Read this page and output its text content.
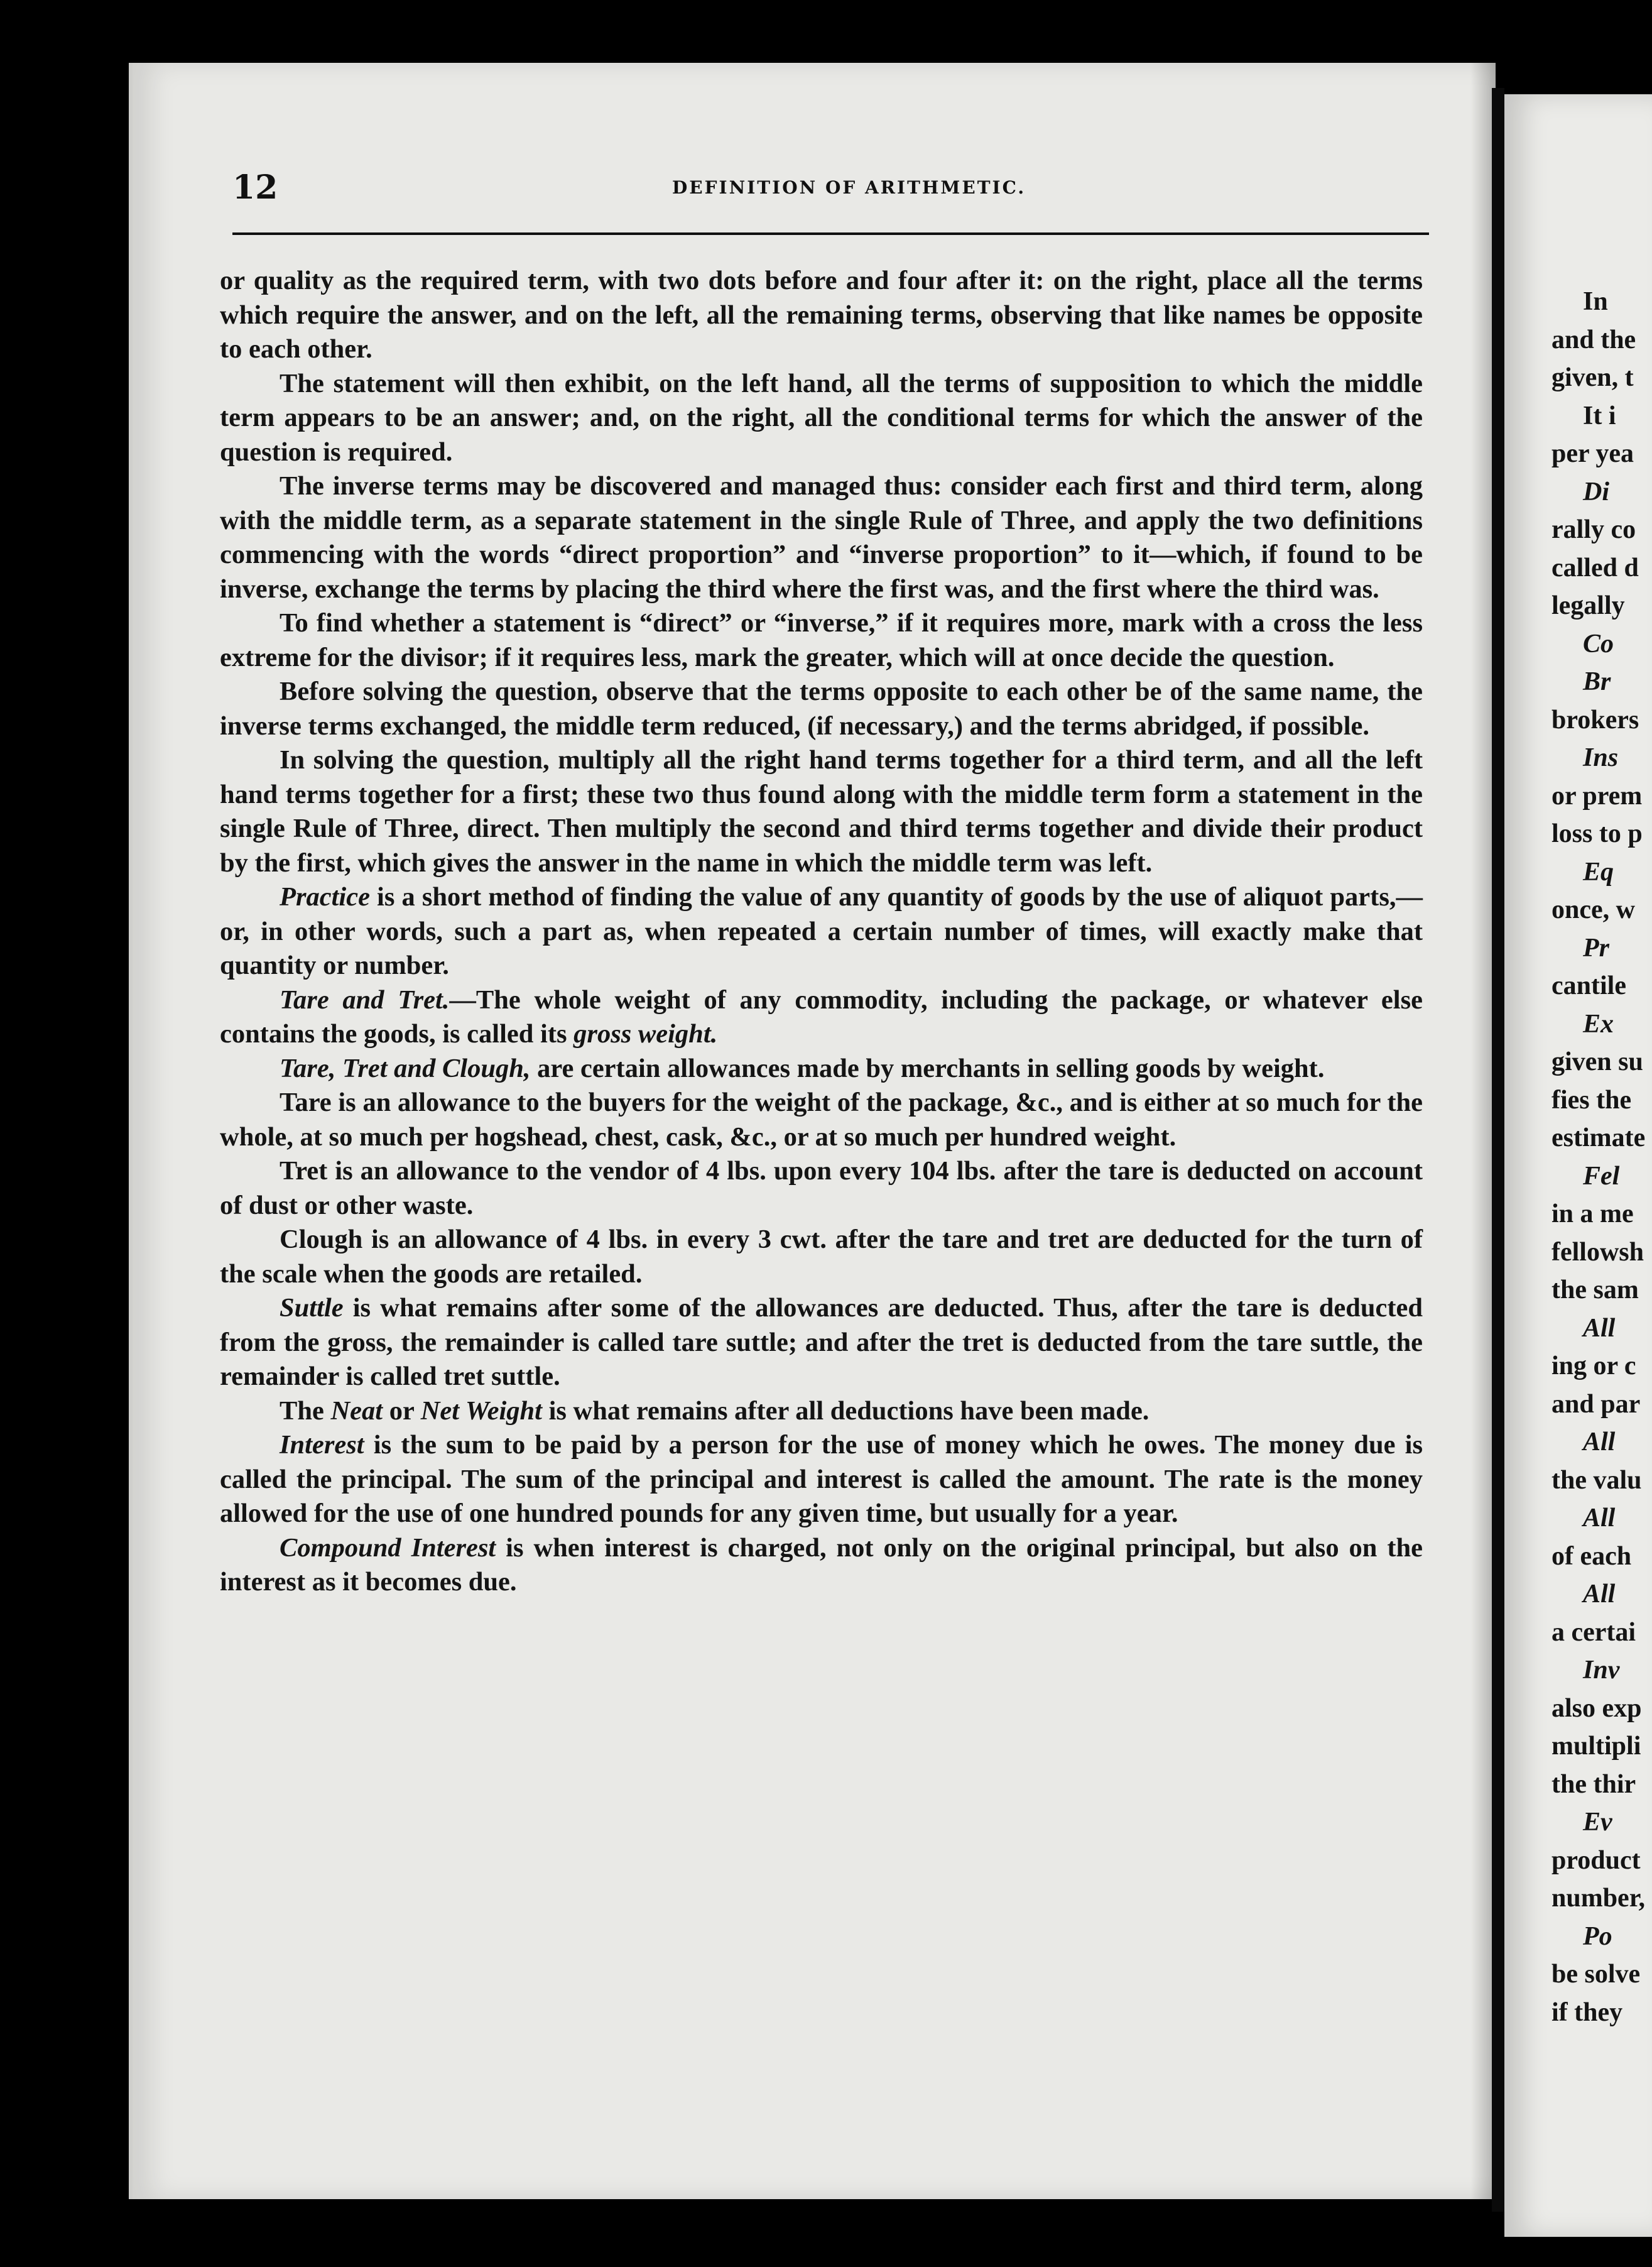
12	DEFINITION OF ARITHMETIC.

or quality as the required term, with two dots before and four after it: on the right, place all the terms which require the answer, and on the left, all the remaining terms, observing that like names be opposite to each other.

The statement will then exhibit, on the left hand, all the terms of supposition to which the middle term appears to be an answer; and, on the right, all the conditional terms for which the answer of the question is required.

The inverse terms may be discovered and managed thus: consider each first and third term, along with the middle term, as a separate statement in the single Rule of Three, and apply the two definitions commencing with the words “direct proportion” and “inverse proportion” to it—which, if found to be inverse, exchange the terms by placing the third where the first was, and the first where the third was.

To find whether a statement is “direct” or “inverse,” if it requires more, mark with a cross the less extreme for the divisor; if it requires less, mark the greater, which will at once decide the question.

Before solving the question, observe that the terms opposite to each other be of the same name, the inverse terms exchanged, the middle term reduced, (if necessary,) and the terms abridged, if possible.

In solving the question, multiply all the right hand terms together for a third term, and all the left hand terms together for a first; these two thus found along with the middle term form a statement in the single Rule of Three, direct. Then multiply the second and third terms together and divide their product by the first, which gives the answer in the name in which the middle term was left.

Practice is a short method of finding the value of any quantity of goods by the use of aliquot parts,—or, in other words, such a part as, when repeated a certain number of times, will exactly make that quantity or number.

Tare and Tret.—The whole weight of any commodity, including the package, or whatever else contains the goods, is called its gross weight.

Tare, Tret and Clough, are certain allowances made by merchants in selling goods by weight.

Tare is an allowance to the buyers for the weight of the package, &c., and is either at so much for the whole, at so much per hogshead, chest, cask, &c., or at so much per hundred weight.

Tret is an allowance to the vendor of 4 lbs. upon every 104 lbs. after the tare is deducted on account of dust or other waste.

Clough is an allowance of 4 lbs. in every 3 cwt. after the tare and tret are deducted for the turn of the scale when the goods are retailed.

Suttle is what remains after some of the allowances are deducted. Thus, after the tare is deducted from the gross, the remainder is called tare suttle; and after the tret is deducted from the tare suttle, the remainder is called tret suttle.

The Neat or Net Weight is what remains after all deductions have been made.

Interest is the sum to be paid by a person for the use of money which he owes. The money due is called the principal. The sum of the principal and interest is called the amount. The rate is the money allowed for the use of one hundred pounds for any given time, but usually for a year.

Compound Interest is when interest is charged, not only on the original principal, but also on the interest as it becomes due.

In
and the
given, t
It i
per yea
Di
rally co
called d
legally
Co
Br
brokers
Ins
or prem
loss to p
Eq
once, w
Pr
cantile
Ex
given su
fies the
estimate
Fel
in a me
fellowsh
the sam
All
ing or c
and par
All
the valu
All
of each
All
a certai
Inv
also exp
multipli
the thir
Ev
product
number,
Po
be solve
if they
